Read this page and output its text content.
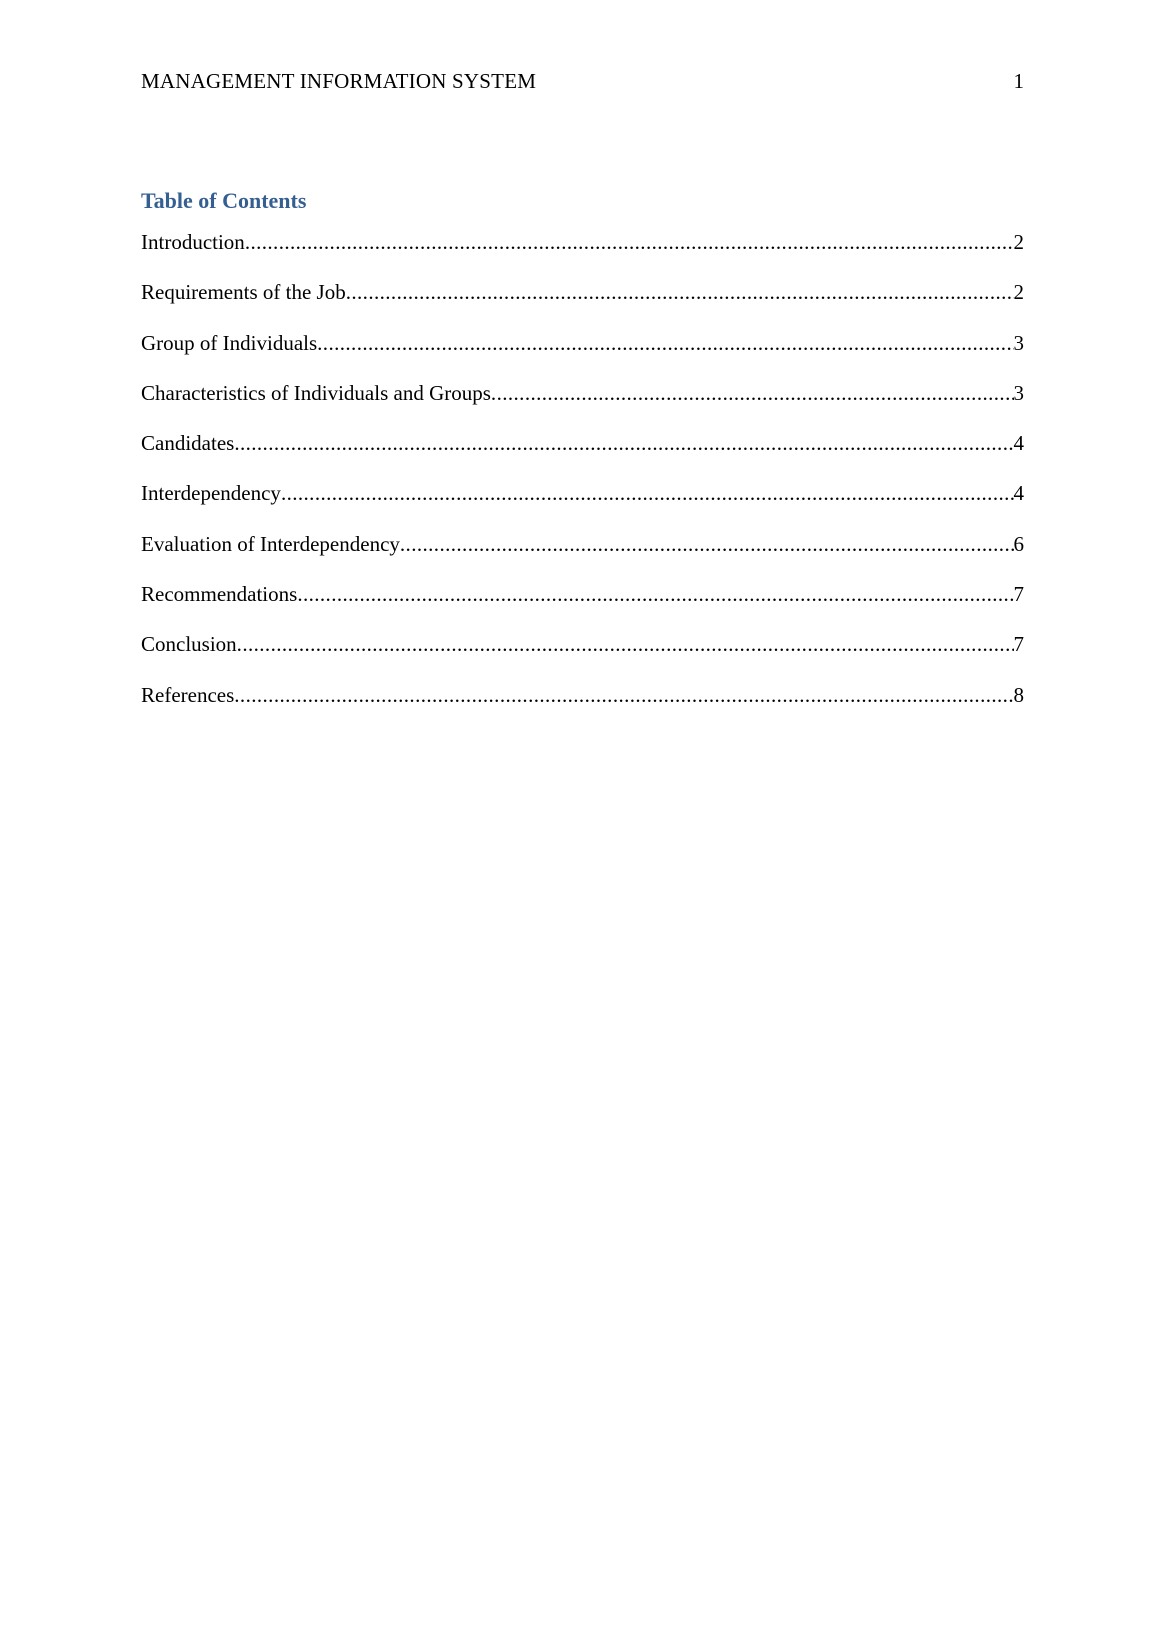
MANAGEMENT INFORMATION SYSTEM	1
Table of Contents
Introduction .....	2
Requirements of the Job .....	2
Group of Individuals .....	3
Characteristics of Individuals and Groups .....	3
Candidates .....	4
Interdependency .....	4
Evaluation of Interdependency .....	6
Recommendations .....	7
Conclusion .....	7
References .....	8
